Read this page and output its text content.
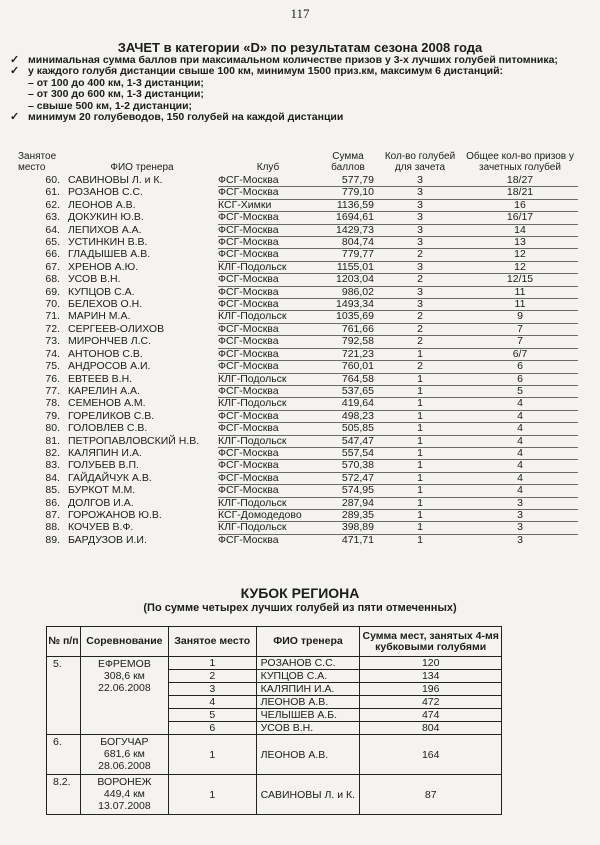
117
ЗАЧЕТ в категории «D» по результатам сезона 2008 года
✓ минимальная сумма баллов при максимальном количестве призов у 3-х лучших голубей питомника;
✓ у каждого голубя дистанции свыше 100 км, минимум 1500 приз.км, максимум 6 дистанций:
– от 100 до 400 км, 1-3 дистанции;
– от 300 до 600 км, 1-3 дистанции;
– свыше 500 км, 1-2 дистанции;
✓ минимум 20 голубеводов, 150 голубей на каждой дистанции
Занятое место	ФИО тренера	Клуб	Сумма баллов	Кол-во голубей для зачета	Общее кол-во призов у зачетных голубей
60.	САВИНОВЫ Л. и К.	ФСГ-Москва	577,79	3	18/27
61.	РОЗАНОВ С.С.	ФСГ-Москва	779,10	3	18/21
62.	ЛЕОНОВ А.В.	КСГ-Химки	1136,59	3	16
63.	ДОКУКИН Ю.В.	ФСГ-Москва	1694,61	3	16/17
64.	ЛЕПИХОВ А.А.	ФСГ-Москва	1429,73	3	14
65.	УСТИНКИН В.В.	ФСГ-Москва	804,74	3	13
66.	ГЛАДЫШЕВ А.В.	ФСГ-Москва	779,77	2	12
67.	ХРЕНОВ А.Ю.	КЛГ-Подольск	1155,01	3	12
68.	УСОВ В.Н.	ФСГ-Москва	1203,04	2	12/15
69.	КУПЦОВ С.А.	ФСГ-Москва	986,02	3	11
70.	БЕЛЕХОВ О.Н.	ФСГ-Москва	1493,34	3	11
71.	МАРИН М.А.	КЛГ-Подольск	1035,69	2	9
72.	СЕРГЕЕВ-ОЛИХОВ	ФСГ-Москва	761,66	2	7
73.	МИРОНЧЕВ Л.С.	ФСГ-Москва	792,58	2	7
74.	АНТОНОВ С.В.	ФСГ-Москва	721,23	1	6/7
75.	АНДРОСОВ А.И.	ФСГ-Москва	760,01	2	6
76.	ЕВТЕЕВ В.Н.	КЛГ-Подольск	764,58	1	6
77.	КАРЕЛИН А.А.	ФСГ-Москва	537,65	1	5
78.	СЕМЕНОВ А.М.	КЛГ-Подольск	419,64	1	4
79.	ГОРЕЛИКОВ С.В.	ФСГ-Москва	498,23	1	4
80.	ГОЛОВЛЕВ С.В.	ФСГ-Москва	505,85	1	4
81.	ПЕТРОПАВЛОВСКИЙ Н.В.	КЛГ-Подольск	547,47	1	4
82.	КАЛЯПИН И.А.	ФСГ-Москва	557,54	1	4
83.	ГОЛУБЕВ В.П.	ФСГ-Москва	570,38	1	4
84.	ГАЙДАЙЧУК А.В.	ФСГ-Москва	572,47	1	4
85.	БУРКОТ М.М.	ФСГ-Москва	574,95	1	4
86.	ДОЛГОВ И.А.	КЛГ-Подольск	287,94	1	3
87.	ГОРОЖАНОВ Ю.В.	КСГ-Домодедово	289,35	1	3
88.	КОЧУЕВ В.Ф.	КЛГ-Подольск	398,89	1	3
89.	БАРДУЗОВ И.И.	ФСГ-Москва	471,71	1	3
КУБОК РЕГИОНА
(По сумме четырех лучших голубей из пяти отмеченных)
№ п/п	Соревнование	Занятое место	ФИО тренера	Сумма мест, занятых 4-мя кубковыми голубями
5.	ЕФРЕМОВ
308,6 км
22.06.2008	1	РОЗАНОВ С.С.	120
		2	КУПЦОВ С.А.	134
		3	КАЛЯПИН И.А.	196
		4	ЛЕОНОВ А.В.	472
		5	ЧЕЛЫШЕВ А.Б.	474
		6	УСОВ В.Н.	804
6.	БОГУЧАР
681,6 км
28.06.2008	1	ЛЕОНОВ А.В.	164
8.2.	ВОРОНЕЖ
449,4 км
13.07.2008	1	САВИНОВЫ Л. и К.	87
